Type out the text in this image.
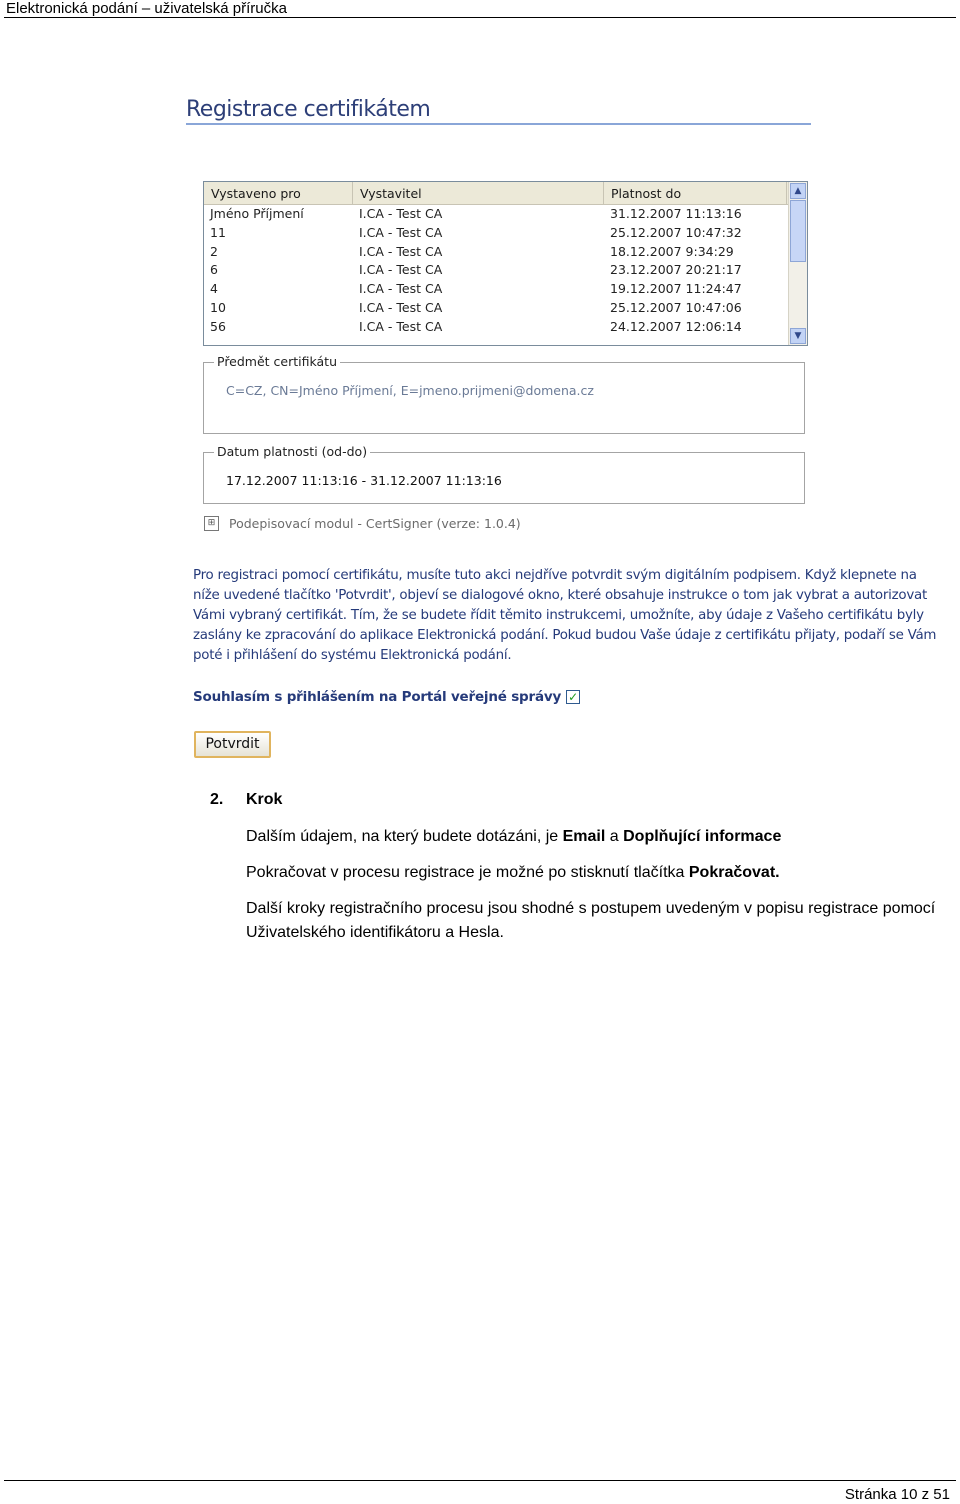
Elektronická podání – uživatelská příručka
Registrace certifikátem
Vystaveno pro	Vystavitel	Platnost do
Jméno Příjmení	I.CA - Test CA	31.12.2007 11:13:16
11	I.CA - Test CA	25.12.2007 10:47:32
2	I.CA - Test CA	18.12.2007 9:34:29
6	I.CA - Test CA	23.12.2007 20:21:17
4	I.CA - Test CA	19.12.2007 11:24:47
10	I.CA - Test CA	25.12.2007 10:47:06
56	I.CA - Test CA	24.12.2007 12:06:14
▲
▼
Předmět certifikátu
C=CZ, CN=Jméno Příjmení, E=jmeno.prijmeni@domena.cz
Datum platnosti (od-do)
17.12.2007 11:13:16 - 31.12.2007 11:13:16
⊞ Podepisovací modul - CertSigner (verze: 1.0.4)
Pro registraci pomocí certifikátu, musíte tuto akci nejdříve potvrdit svým digitálním podpisem. Když klepnete na níže uvedené tlačítko 'Potvrdit', objeví se dialogové okno, které obsahuje instrukce o tom jak vybrat a autorizovat Vámi vybraný certifikát. Tím, že se budete řídit těmito instrukcemi, umožníte, aby údaje z Vašeho certifikátu byly zaslány ke zpracování do aplikace Elektronická podání. Pokud budou Vaše údaje z certifikátu přijaty, podaří se Vám poté i přihlášení do systému Elektronická podání.
Souhlasím s přihlášením na Portál veřejné správy ✓
Potvrdit
2. Krok
Dalším údajem, na který budete dotázáni, je Email a Doplňující informace
Pokračovat v procesu registrace je možné po stisknutí tlačítka Pokračovat.
Další kroky registračního procesu jsou shodné s postupem uvedeným v popisu registrace pomocí Uživatelského identifikátoru a Hesla.
Stránka 10 z 51
